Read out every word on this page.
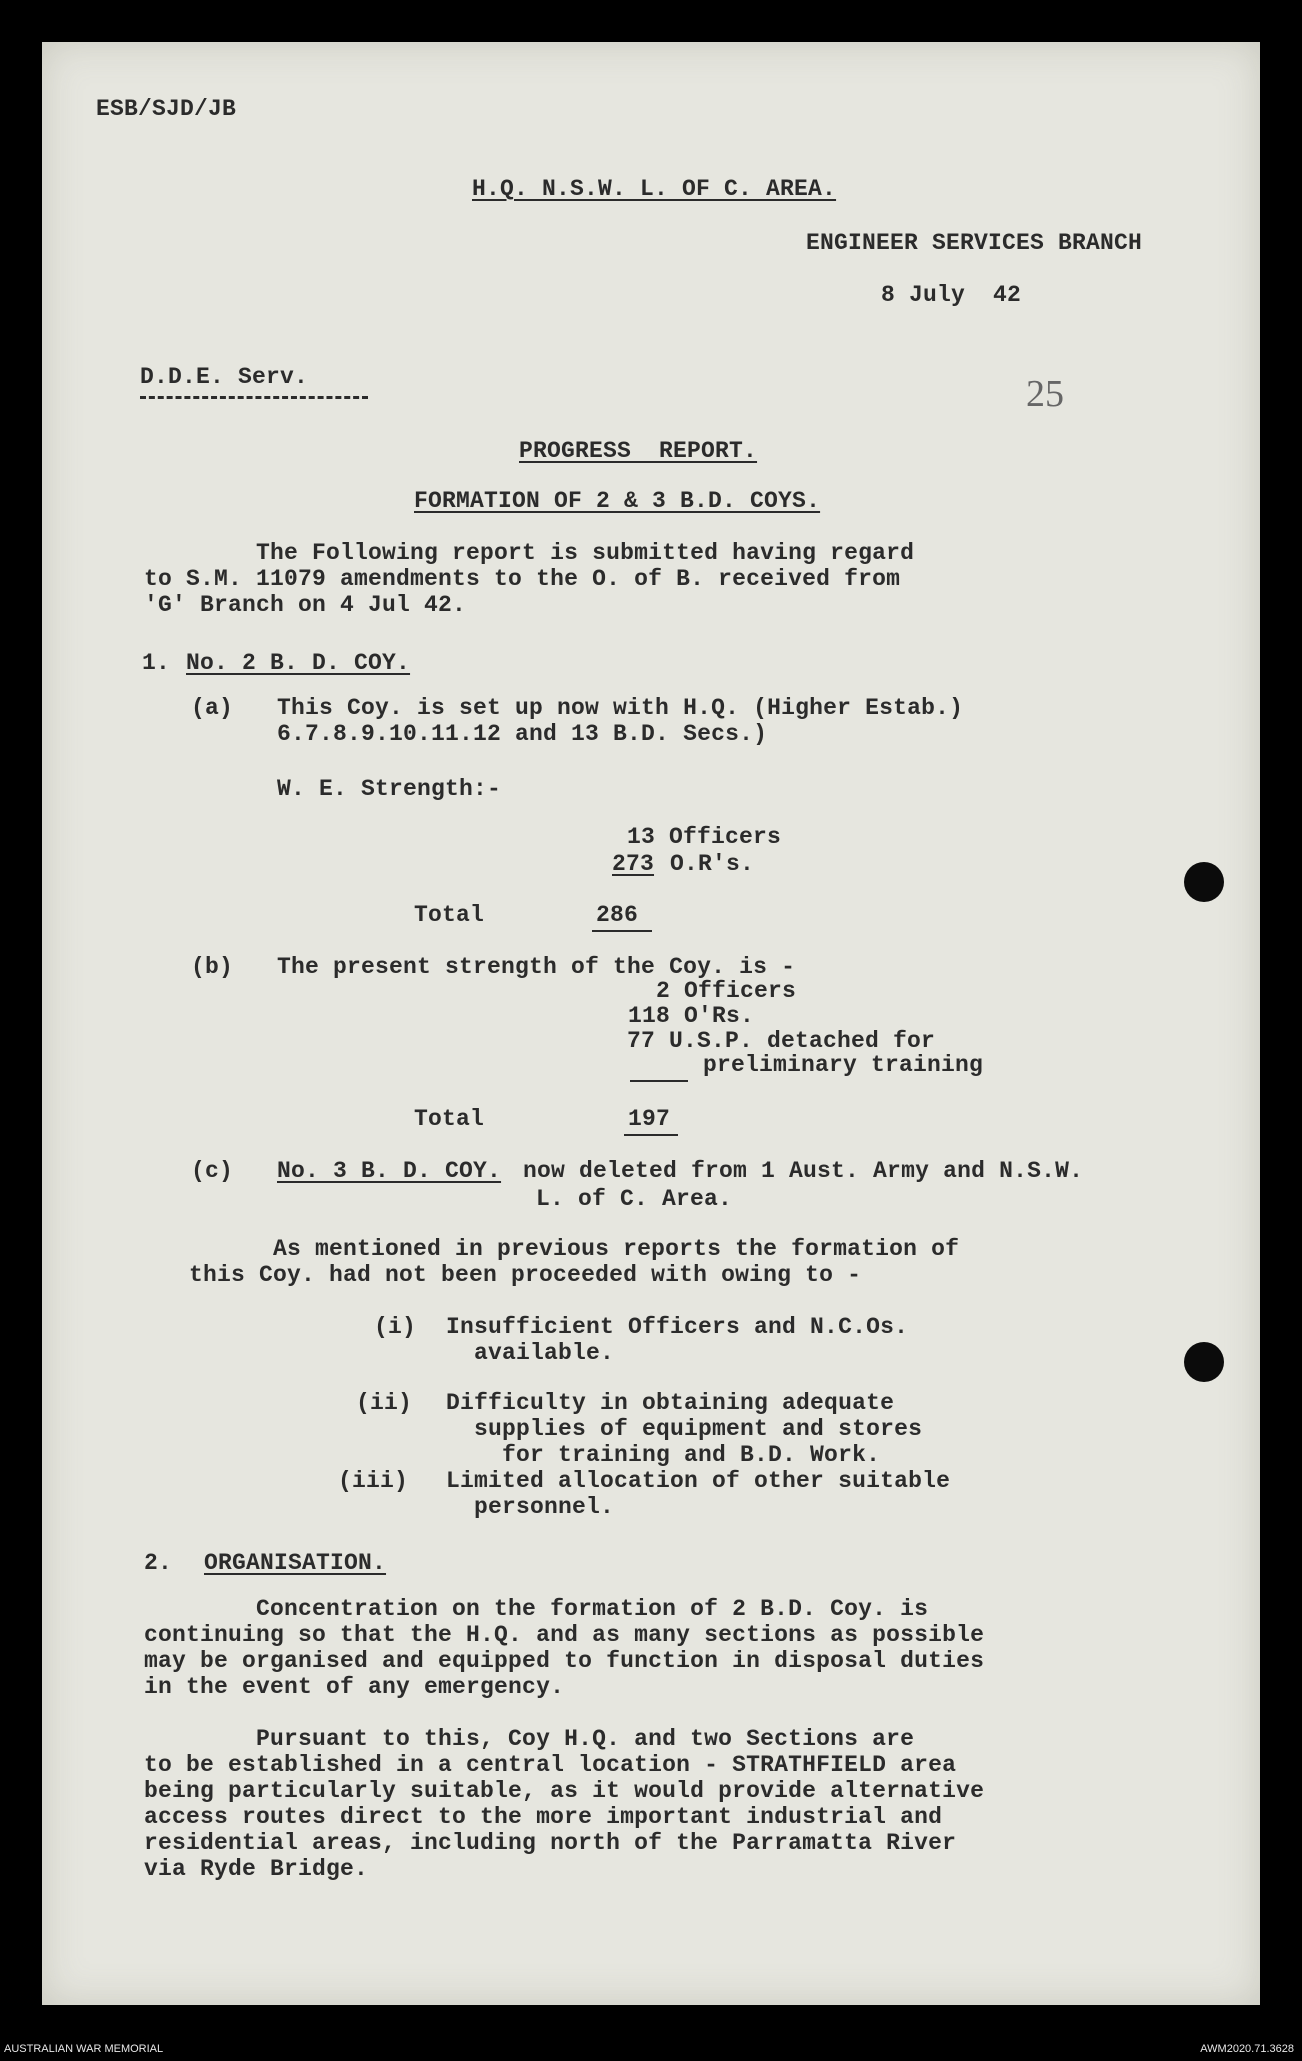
ESB/SJD/JB
H.Q. N.S.W. L. OF C. AREA.
ENGINEER SERVICES BRANCH
8 July  42
D.D.E. Serv.	25
PROGRESS  REPORT.
FORMATION OF 2 & 3 B.D. COYS.
The Following report is submitted having regard
to S.M. 11079 amendments to the O. of B. received from
'G' Branch on 4 Jul 42.
1. No. 2 B. D. COY.
(a) This Coy. is set up now with H.Q. (Higher Estab.)
6.7.8.9.10.11.12 and 13 B.D. Secs.)
W. E. Strength:-
13 Officers
273 O.R's.
Total	286
(b) The present strength of the Coy. is -
2 Officers
118 O'Rs.
77 U.S.P. detached for
preliminary training
Total	197
(c) No. 3 B. D. COY. now deleted from 1 Aust. Army and N.S.W.
L. of C. Area.
As mentioned in previous reports the formation of
this Coy. had not been proceeded with owing to -
(i) Insufficient Officers and N.C.Os.
available.
(ii) Difficulty in obtaining adequate
supplies of equipment and stores
for training and B.D. Work.
(iii) Limited allocation of other suitable
personnel.
2. ORGANISATION.
Concentration on the formation of 2 B.D. Coy. is
continuing so that the H.Q. and as many sections as possible
may be organised and equipped to function in disposal duties
in the event of any emergency.
Pursuant to this, Coy H.Q. and two Sections are
to be established in a central location - STRATHFIELD area
being particularly suitable, as it would provide alternative
access routes direct to the more important industrial and
residential areas, including north of the Parramatta River
via Ryde Bridge.
AUSTRALIAN WAR MEMORIAL	AWM2020.71.3628
